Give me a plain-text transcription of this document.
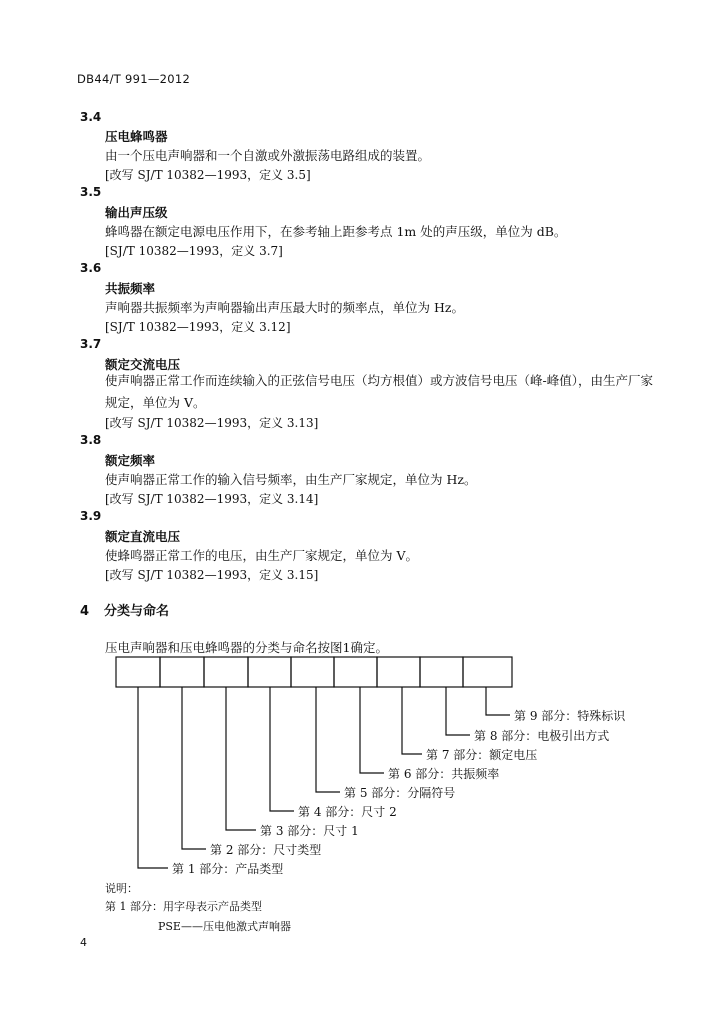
DB44/T 991—2012
3.4
压电蜂鸣器
由一个压电声响器和一个自激或外激振荡电路组成的装置。
[改写 SJ/T 10382—1993，定义 3.5]
3.5
输出声压级
蜂鸣器在额定电源电压作用下，在参考轴上距参考点 1m 处的声压级，单位为 dB。
[SJ/T 10382—1993，定义 3.7]
3.6
共振频率
声响器共振频率为声响器输出声压最大时的频率点，单位为 Hz。
[SJ/T 10382—1993，定义 3.12]
3.7
额定交流电压
使声响器正常工作而连续输入的正弦信号电压（均方根值）或方波信号电压（峰-峰值），由生产厂家规定，单位为 V。
[改写 SJ/T 10382—1993，定义 3.13]
3.8
额定频率
使声响器正常工作的输入信号频率，由生产厂家规定，单位为 Hz。
[改写 SJ/T 10382—1993，定义 3.14]
3.9
额定直流电压
使蜂鸣器正常工作的电压，由生产厂家规定，单位为 V。
[改写 SJ/T 10382—1993，定义 3.15]
4 分类与命名
压电声响器和压电蜂鸣器的分类与命名按图1确定。
第 1 部分：产品类型
第 2 部分：尺寸类型
第 3 部分：尺寸 1
第 4 部分：尺寸 2
第 5 部分：分隔符号
第 6 部分：共振频率
第 7 部分：额定电压
第 8 部分：电极引出方式
第 9 部分：特殊标识
说明：
第 1 部分：用字母表示产品类型
PSE——压电他激式声响器
4
